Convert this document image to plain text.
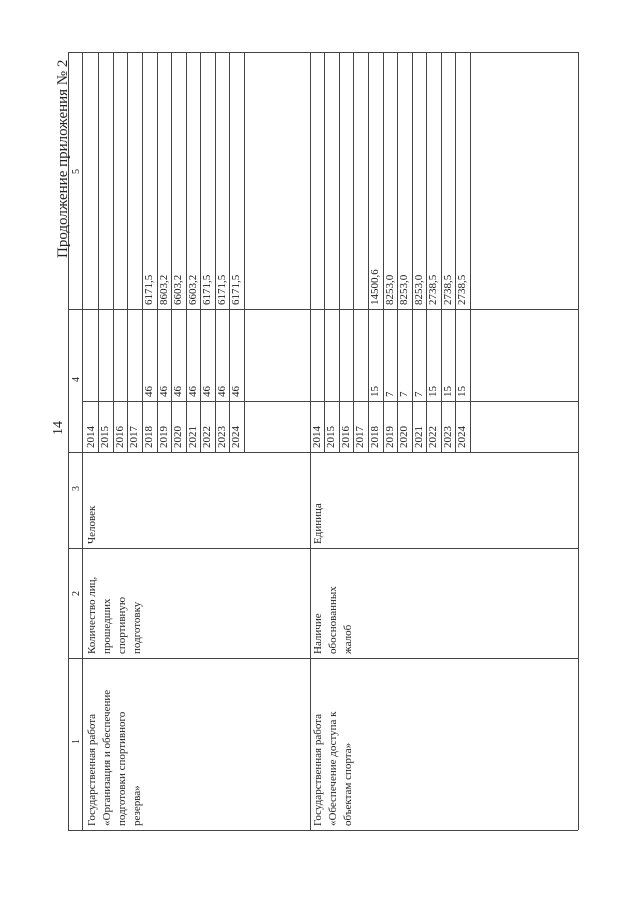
14
Продолжение приложения № 2
1
2
3
4
5
Государственная работа «Организация и обеспечение подготовки спортивного резерва»
Количество лиц, прошедших спортивную подготовку
Человек
2014 2015 2016 2017 2018
46
6171,5
2019
46
8603,2
2020
46
6603,2
2021
46
6603,2
2022
46
6171,5
2023
46
6171,5
2024
46
6171,5
Государственная работа «Обеспечение доступа к объектам спорта»
Наличие обоснованных жалоб
Единица
2014 2015 2016 2017 2018
15
14500,6
2019
7
8253,0
2020
7
8253,0
2021
7
8253,0
2022
15
2738,5
2023
15
2738,5
2024
15
2738,5
